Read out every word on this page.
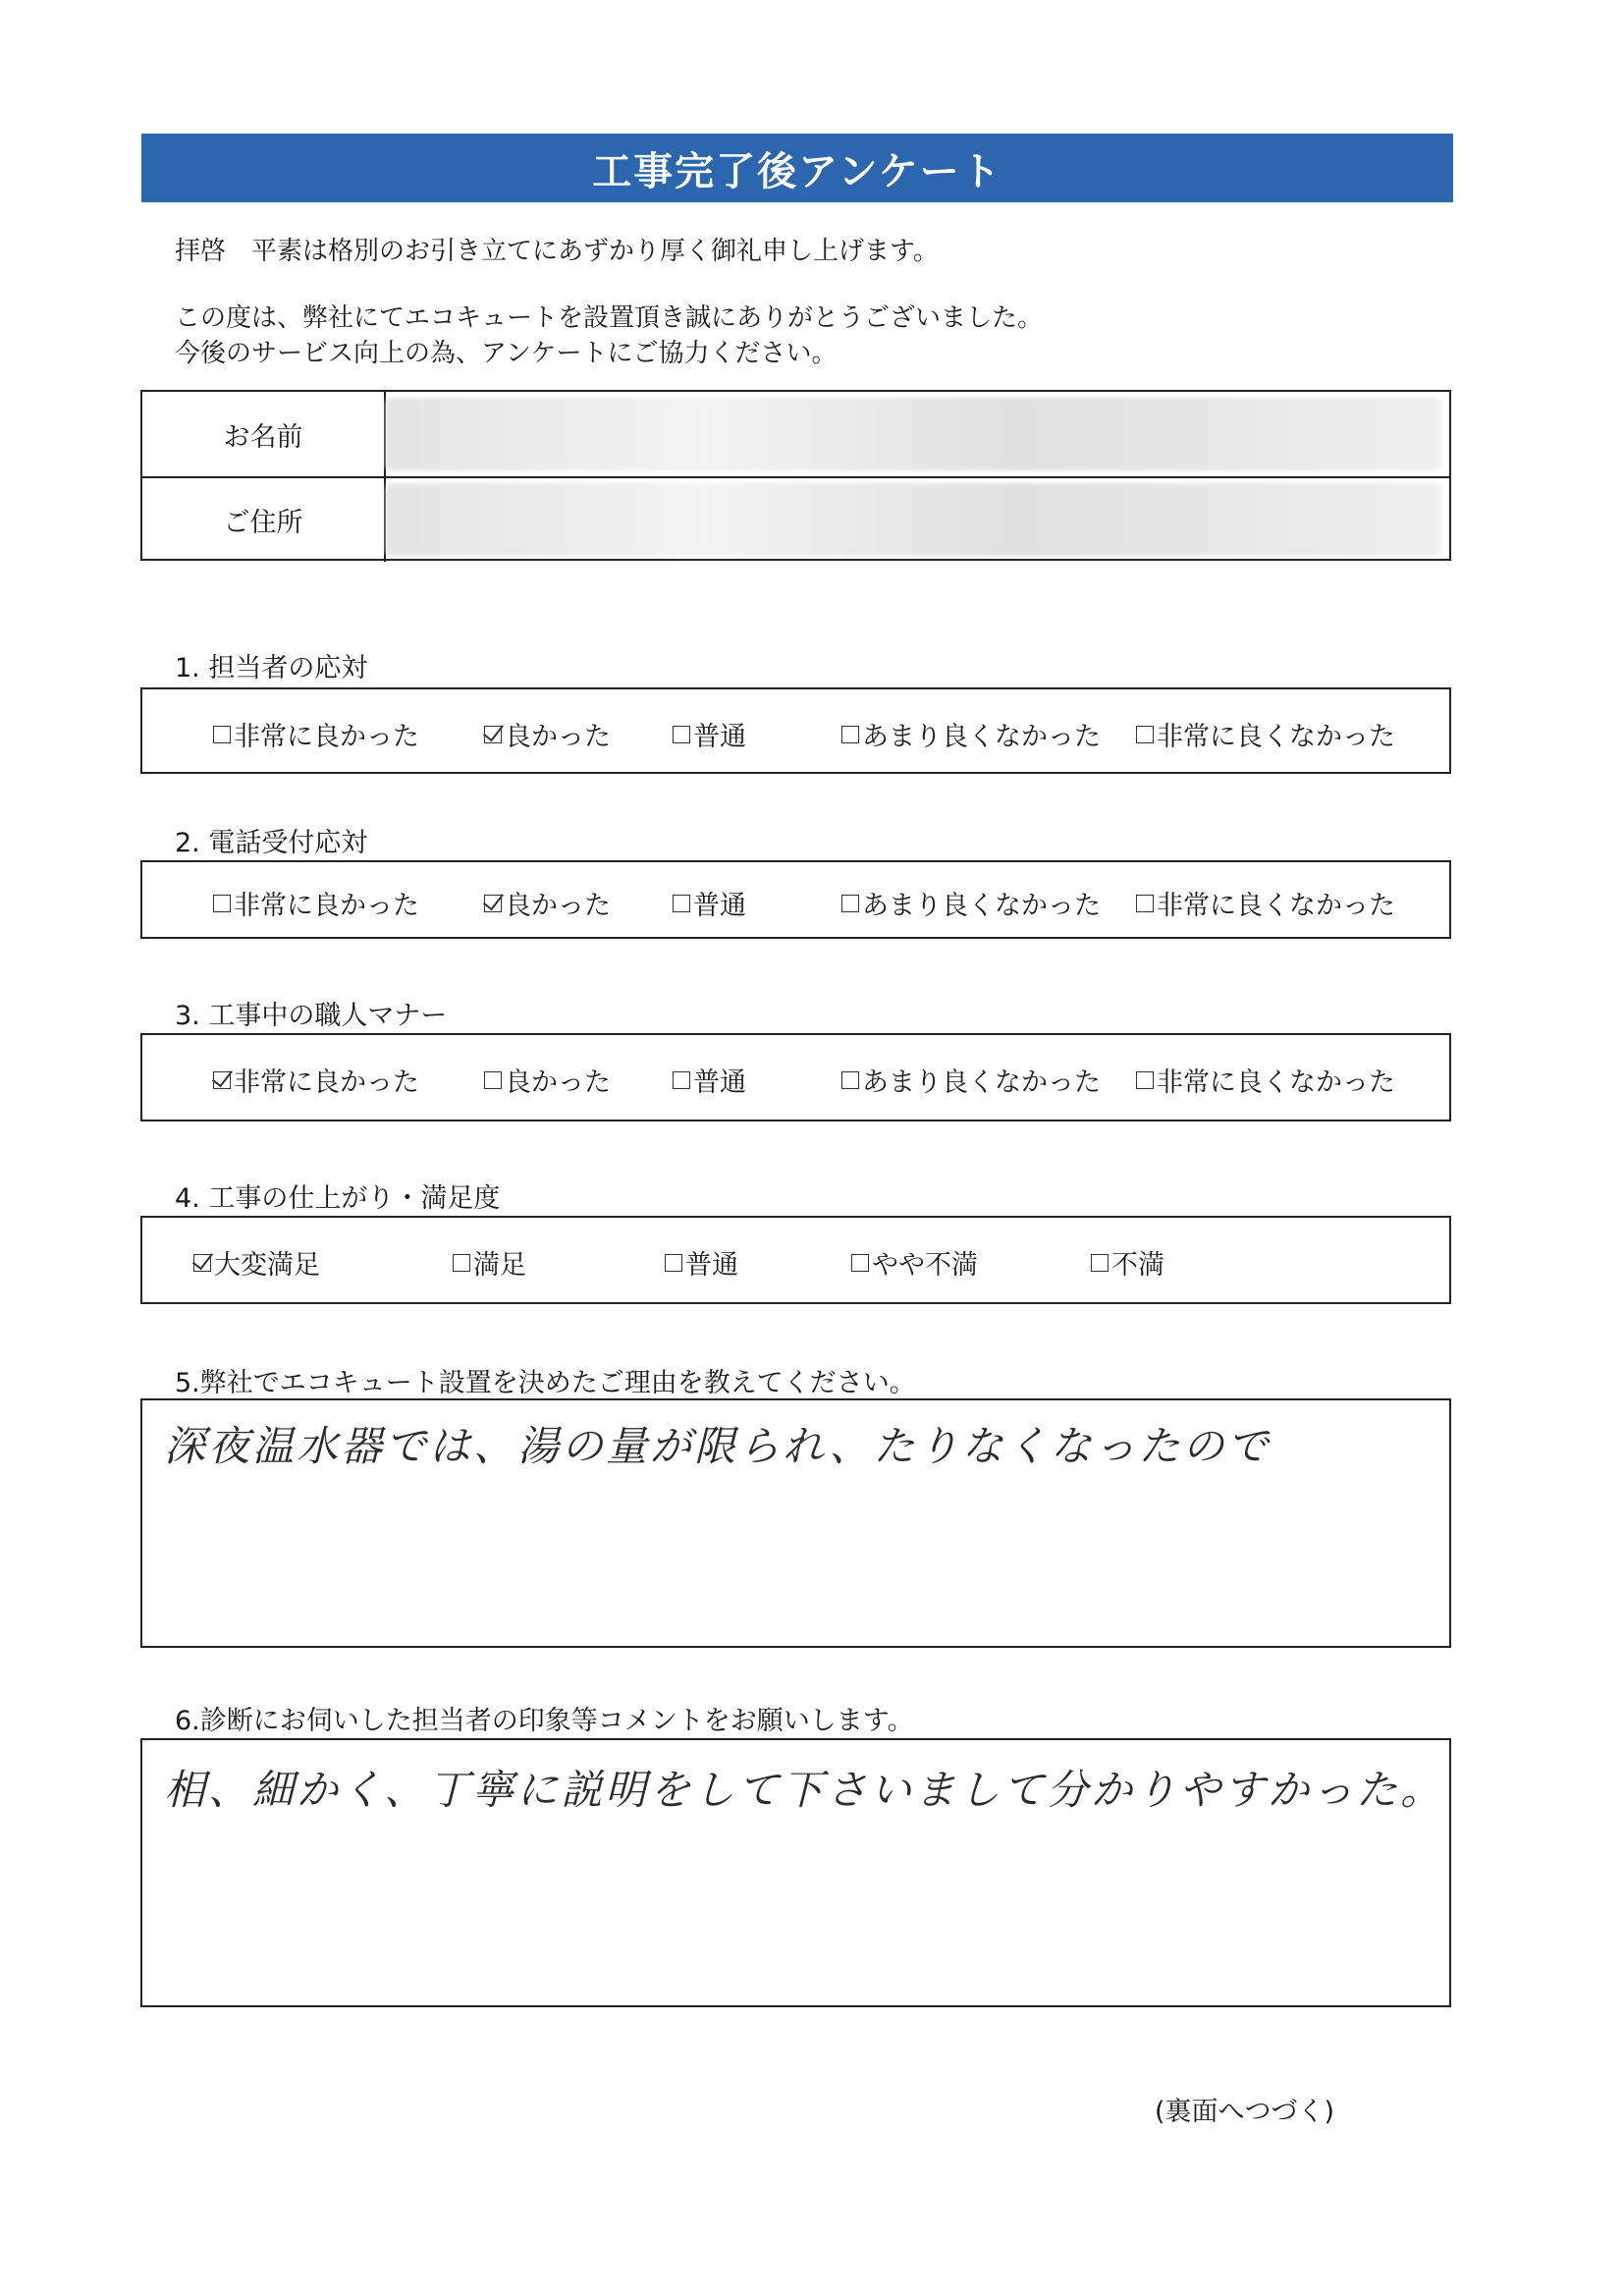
工事完了後アンケート
拝啓　平素は格別のお引き立てにあずかり厚く御礼申し上げます。
この度は、弊社にてエコキュートを設置頂き誠にありがとうございました。
今後のサービス向上の為、アンケートにご協力ください。
お名前
ご住所
1. 担当者の応対
非常に良かった	良かった	普通	あまり良くなかった 非常に良くなかった
2. 電話受付応対
非常に良かった	良かった	普通	あまり良くなかった 非常に良くなかった
3. 工事中の職人マナー
非常に良かった	良かった	普通	あまり良くなかった 非常に良くなかった
4. 工事の仕上がり・満足度
大変満足	満足	普通	やや不満	不満
5.弊社でエコキュート設置を決めたご理由を教えてください。
深夜温水器では、湯の量が限られ、たりなくなったので
6.診断にお伺いした担当者の印象等コメントをお願いします。
相、細かく、丁寧に説明をして下さいまして分かりやすかった。
(裏面へつづく)
